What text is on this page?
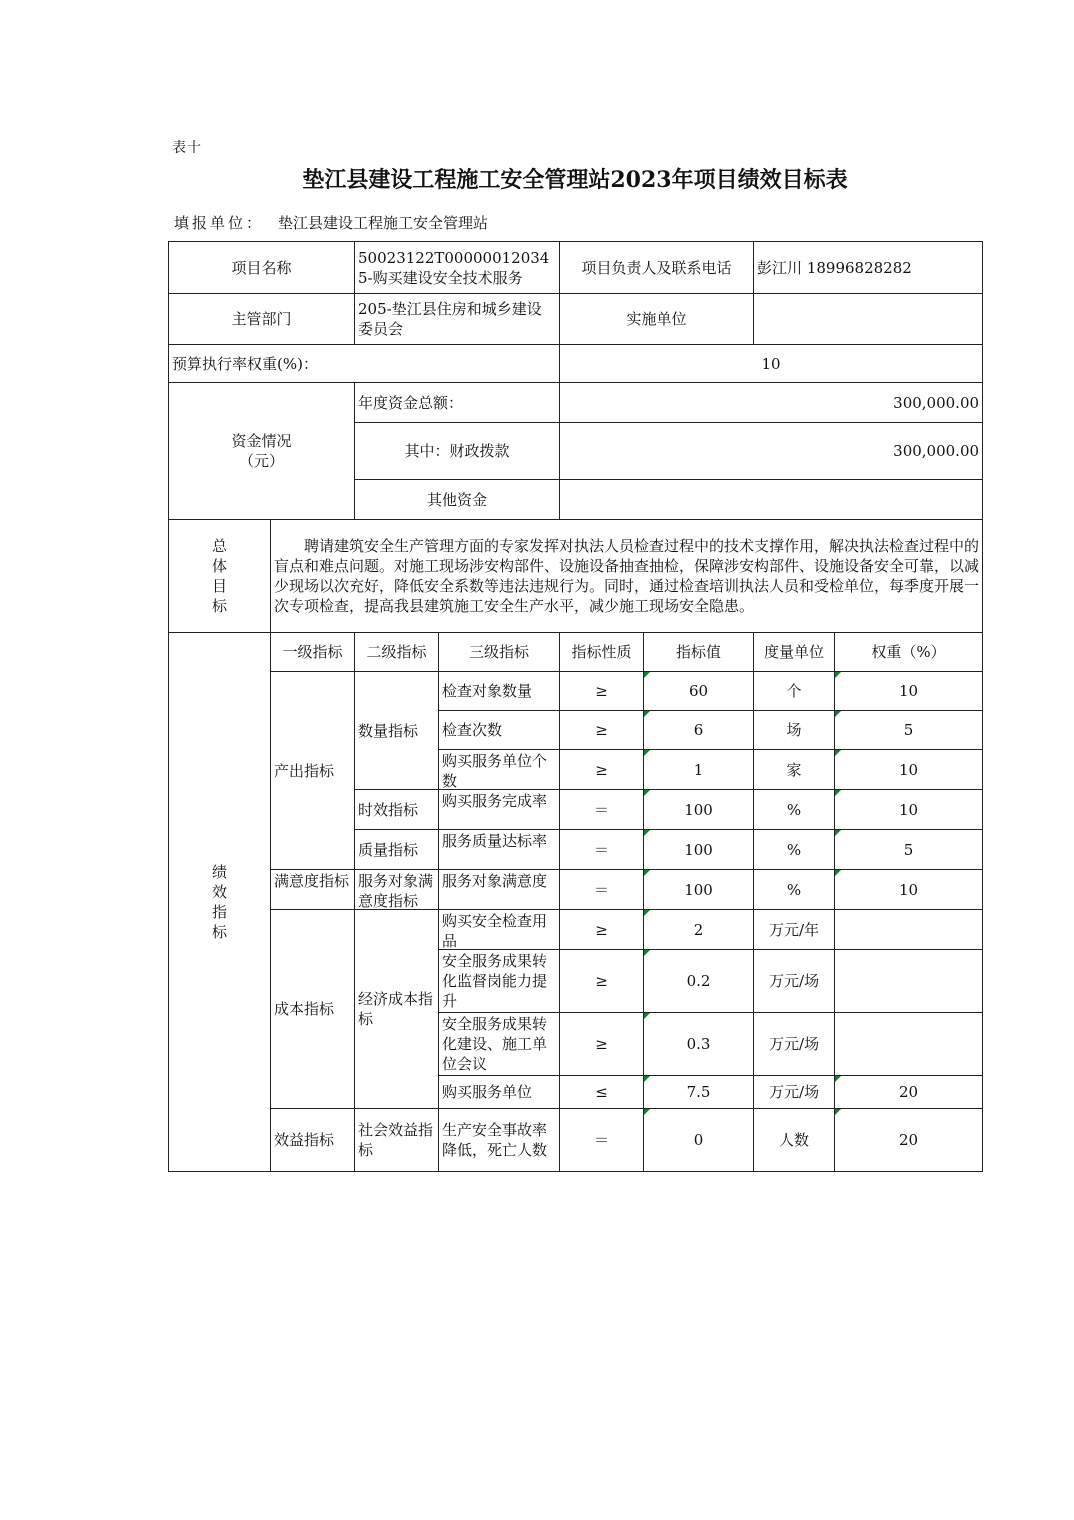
表十
垫江县建设工程施工安全管理站2023年项目绩效目标表
填报单位： 垫江县建设工程施工安全管理站
项目名称		50023122T000000120345-购买建设安全技术服务		项目负责人及联系电话		彭江川 18996828282	
主管部门		205-垫江县住房和城乡建设委员会		实施单位			
预算执行率权重(%)：				10			

资金情况
（元）		年度资金总额：		300,000.00			
		其中：财政拨款		300,000.00			
		其他资金					

总
体
目
标	聘请建筑安全生产管理方面的专家发挥对执法人员检查过程中的技术支撑作用，解决执法检查过程中的盲点和难点问题。对施工现场涉安构部件、设施设备抽查抽检，保障涉安构部件、设施设备安全可靠，以减少现场以次充好，降低安全系数等违法违规行为。同时，通过检查培训执法人员和受检单位，每季度开展一次专项检查，提高我县建筑施工安全生产水平，减少施工现场安全隐患。						

绩
效
指
标	一级指标	二级指标	三级指标	指标性质	指标值	度量单位	权重（%）
	产出指标	数量指标	检查对象数量	≥	60	个	10
			检查次数	≥	6	场	5

			购买服务单位个数	≥	1	家	10
		时效指标	购买服务完成率	＝	100	%	10
		质量指标	服务质量达标率	＝	100	%	5

	满意度指标	服务对象满意度指标	服务对象满意度	＝	100	%	10
	成本指标	经济成本指标	购买安全检查用品	≥	2	万元/年	
			安全服务成果转化监督岗能力提升	≥	0.2	万元/场	
			安全服务成果转化建设、施工单位会议	≥	0.3	万元/场	
			购买服务单位	≤	7.5	万元/场	20
	效益指标	社会效益指标	生产安全事故率降低，死亡人数	＝	0	人数	20
